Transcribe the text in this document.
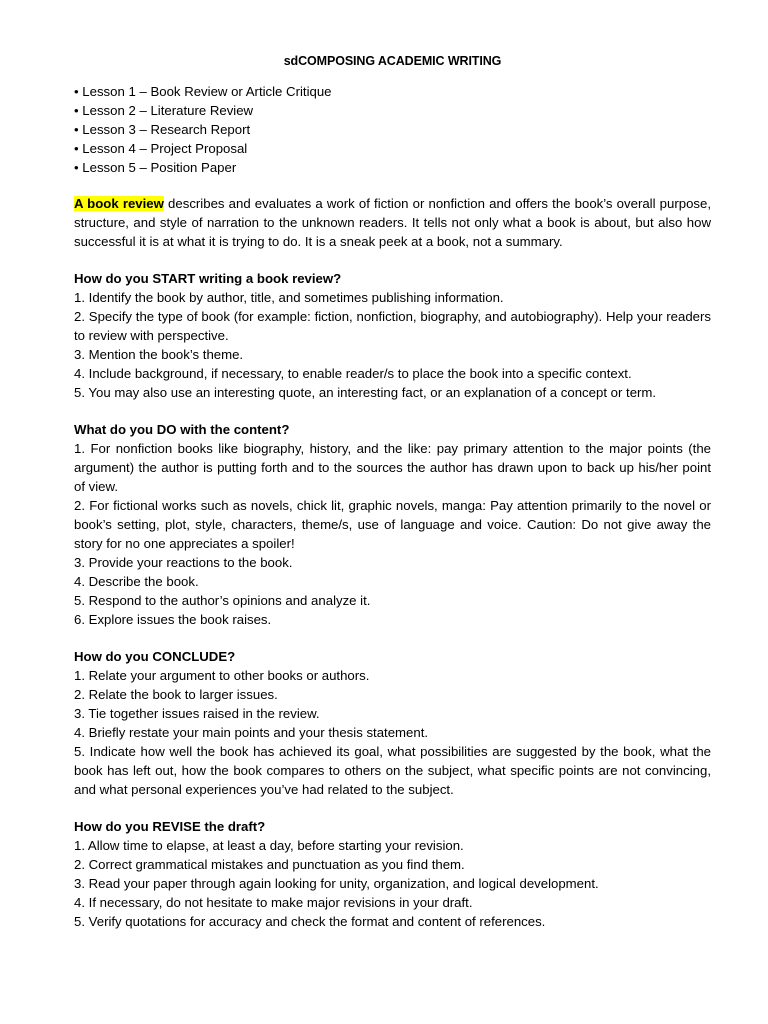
sdCOMPOSING ACADEMIC WRITING
• Lesson 1 – Book Review or Article Critique
• Lesson 2 – Literature Review
• Lesson 3 – Research Report
• Lesson 4 – Project Proposal
• Lesson 5 – Position Paper

A book review describes and evaluates a work of fiction or nonfiction and offers the book’s overall purpose, structure, and style of narration to the unknown readers. It tells not only what a book is about, but also how successful it is at what it is trying to do. It is a sneak peek at a book, not a summary.

How do you START writing a book review?

1. Identify the book by author, title, and sometimes publishing information.

2. Specify the type of book (for example: fiction, nonfiction, biography, and autobiography). Help your readers to review with perspective.

3. Mention the book’s theme.

4. Include background, if necessary, to enable reader/s to place the book into a specific context.

5. You may also use an interesting quote, an interesting fact, or an explanation of a concept or term.

What do you DO with the content?

1. For nonfiction books like biography, history, and the like: pay primary attention to the major points (the argument) the author is putting forth and to the sources the author has drawn upon to back up his/her point of view.

2. For fictional works such as novels, chick lit, graphic novels, manga: Pay attention primarily to the novel or book’s setting, plot, style, characters, theme/s, use of language and voice. Caution: Do not give away the story for no one appreciates a spoiler!

3. Provide your reactions to the book.

4. Describe the book.

5. Respond to the author’s opinions and analyze it.

6. Explore issues the book raises.

How do you CONCLUDE?

1. Relate your argument to other books or authors.

2. Relate the book to larger issues.

3. Tie together issues raised in the review.

4. Briefly restate your main points and your thesis statement.

5. Indicate how well the book has achieved its goal, what possibilities are suggested by the book, what the book has left out, how the book compares to others on the subject, what specific points are not convincing, and what personal experiences you’ve had related to the subject.

How do you REVISE the draft?

1. Allow time to elapse, at least a day, before starting your revision.

2. Correct grammatical mistakes and punctuation as you find them.

3. Read your paper through again looking for unity, organization, and logical development.

4. If necessary, do not hesitate to make major revisions in your draft.

5. Verify quotations for accuracy and check the format and content of references.
